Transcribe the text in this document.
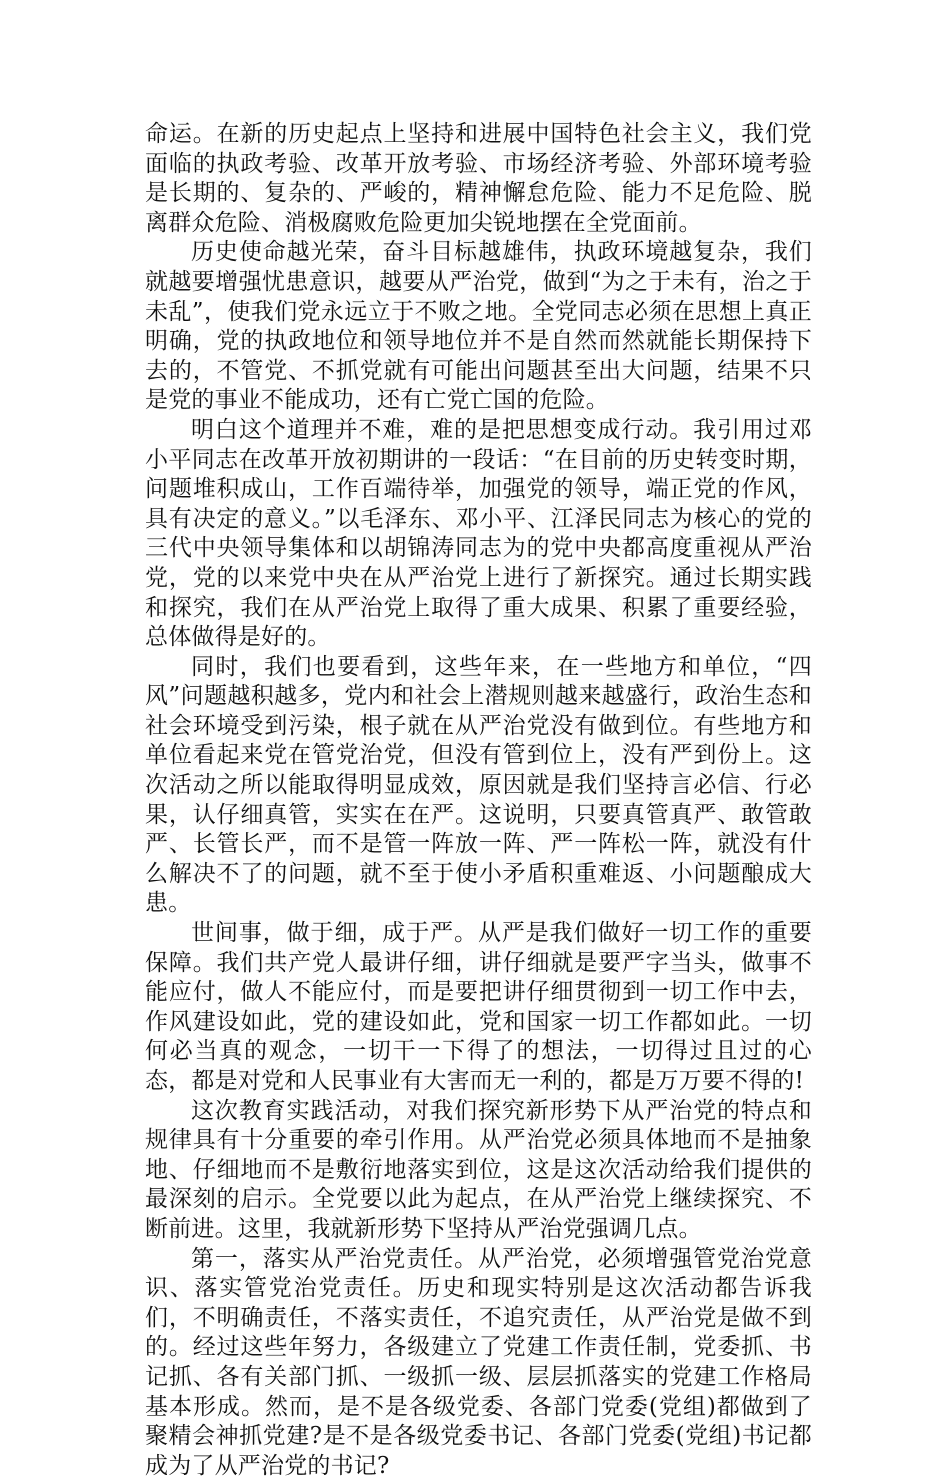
命运。在新的历史起点上坚持和进展中国特色社会主义，我们党面临的执政考验、改革开放考验、市场经济考验、外部环境考验是长期的、复杂的、严峻的，精神懈怠危险、能力不足危险、脱离群众危险、消极腐败危险更加尖锐地摆在全党面前。

历史使命越光荣，奋斗目标越雄伟，执政环境越复杂，我们就越要增强忧患意识，越要从严治党，做到“为之于未有，治之于未乱”，使我们党永远立于不败之地。全党同志必须在思想上真正明确，党的执政地位和领导地位并不是自然而然就能长期保持下去的，不管党、不抓党就有可能出问题甚至出大问题，结果不只是党的事业不能成功，还有亡党亡国的危险。

明白这个道理并不难，难的是把思想变成行动。我引用过邓小平同志在改革开放初期讲的一段话：“在目前的历史转变时期，问题堆积成山，工作百端待举，加强党的领导，端正党的作风，具有决定的意义。”以毛泽东、邓小平、江泽民同志为核心的党的三代中央领导集体和以胡锦涛同志为的党中央都高度重视从严治党，党的以来党中央在从严治党上进行了新探究。通过长期实践和探究，我们在从严治党上取得了重大成果、积累了重要经验，总体做得是好的。

同时，我们也要看到，这些年来，在一些地方和单位，“四风”问题越积越多，党内和社会上潜规则越来越盛行，政治生态和社会环境受到污染，根子就在从严治党没有做到位。有些地方和单位看起来党在管党治党，但没有管到位上，没有严到份上。这次活动之所以能取得明显成效，原因就是我们坚持言必信、行必果，认仔细真管，实实在在严。这说明，只要真管真严、敢管敢严、长管长严，而不是管一阵放一阵、严一阵松一阵，就没有什么解决不了的问题，就不至于使小矛盾积重难返、小问题酿成大患。

世间事，做于细，成于严。从严是我们做好一切工作的重要保障。我们共产党人最讲仔细，讲仔细就是要严字当头，做事不能应付，做人不能应付，而是要把讲仔细贯彻到一切工作中去，作风建设如此，党的建设如此，党和国家一切工作都如此。一切何必当真的观念，一切干一下得了的想法，一切得过且过的心态，都是对党和人民事业有大害而无一利的，都是万万要不得的!

这次教育实践活动，对我们探究新形势下从严治党的特点和规律具有十分重要的牵引作用。从严治党必须具体地而不是抽象地、仔细地而不是敷衍地落实到位，这是这次活动给我们提供的最深刻的启示。全党要以此为起点，在从严治党上继续探究、不断前进。这里，我就新形势下坚持从严治党强调几点。

第一，落实从严治党责任。从严治党，必须增强管党治党意识、落实管党治党责任。历史和现实特别是这次活动都告诉我们，不明确责任，不落实责任，不追究责任，从严治党是做不到的。经过这些年努力，各级建立了党建工作责任制，党委抓、书记抓、各有关部门抓、一级抓一级、层层抓落实的党建工作格局基本形成。然而，是不是各级党委、各部门党委(党组)都做到了聚精会神抓党建?是不是各级党委书记、各部门党委(党组)书记都成为了从严治党的书记?
